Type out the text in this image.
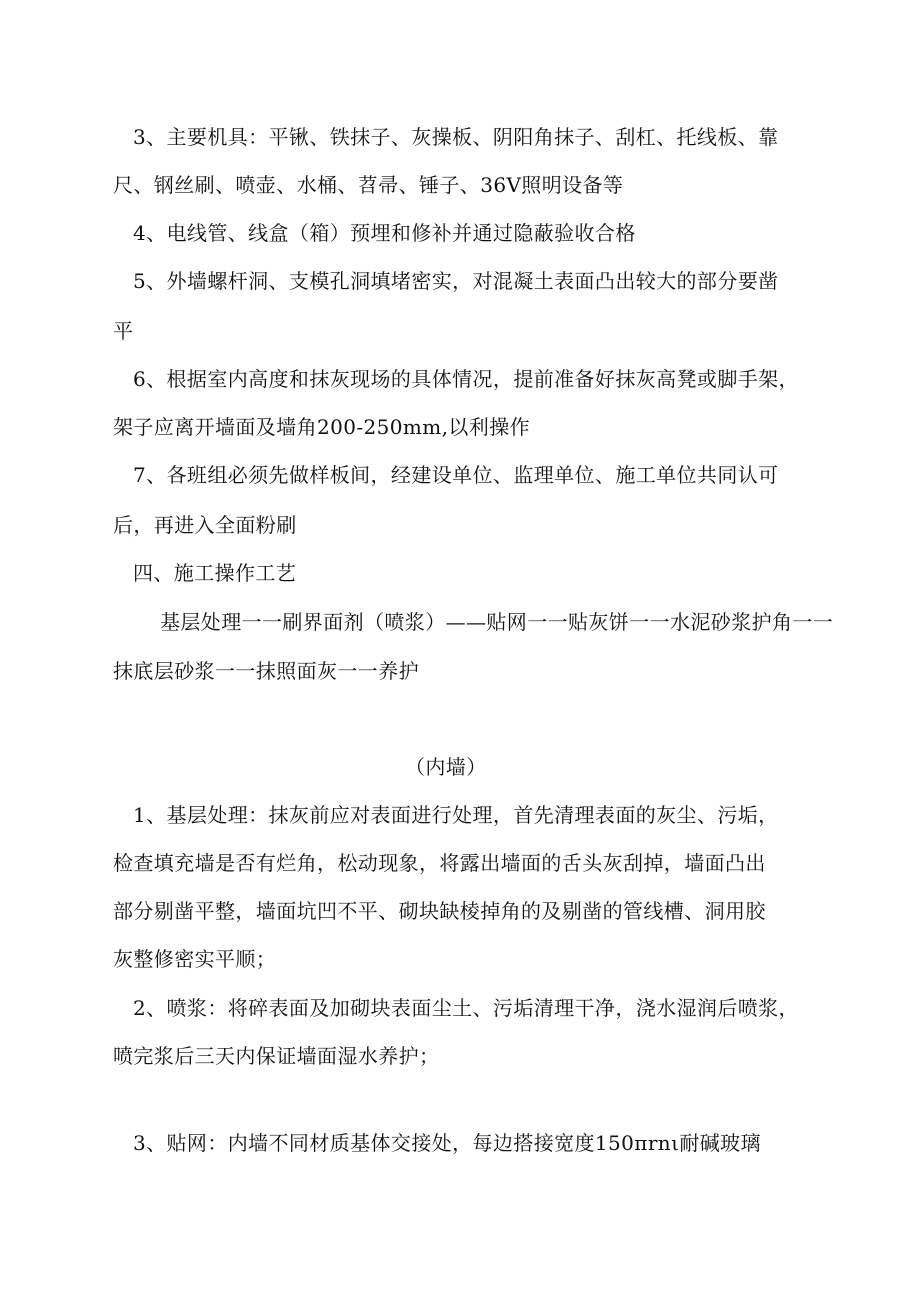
3、主要机具：平锹、铁抹子、灰操板、阴阳角抹子、刮杠、托线板、靠
尺、钢丝刷、喷壶、水桶、苕帚、锤子、36V照明设备等
4、电线管、线盒（箱）预埋和修补并通过隐蔽验收合格
5、外墙螺杆洞、支模孔洞填堵密实，对混凝土表面凸出较大的部分要凿
平
6、根据室内高度和抹灰现场的具体情况，提前准备好抹灰高凳或脚手架，
架子应离开墙面及墙角200-250mm,以利操作
7、各班组必须先做样板间，经建设单位、监理单位、施工单位共同认可
后，再进入全面粉刷
四、施工操作工艺
基层处理一一刷界面剂（喷浆）——贴网一一贴灰饼一一水泥砂浆护角一一
抹底层砂浆一一抹照面灰一一养护
（内墙）
1、基层处理：抹灰前应对表面进行处理，首先清理表面的灰尘、污垢，
检查填充墙是否有烂角，松动现象，将露出墙面的舌头灰刮掉，墙面凸出
部分剔凿平整，墙面坑凹不平、砌块缺棱掉角的及剔凿的管线槽、洞用胶
灰整修密实平顺；
2、喷浆：将碎表面及加砌块表面尘土、污垢清理干净，浇水湿润后喷浆，
喷完浆后三天内保证墙面湿水养护；
3、贴网：内墙不同材质基体交接处，每边搭接宽度150πrnι耐碱玻璃
